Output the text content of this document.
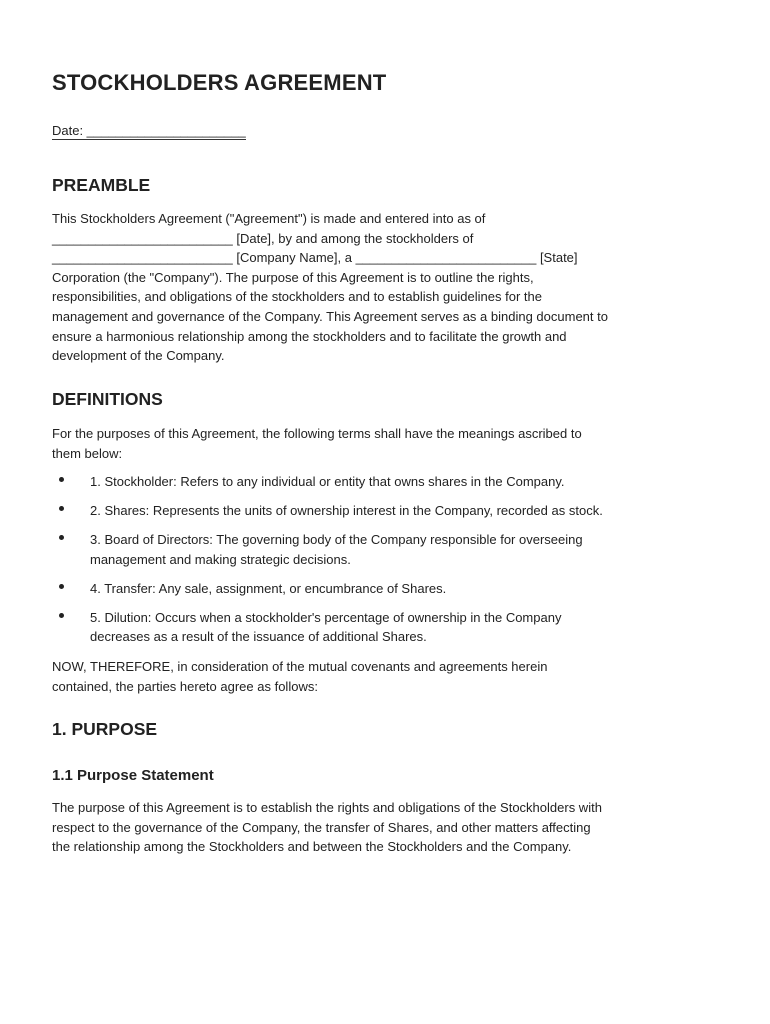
STOCKHOLDERS AGREEMENT
Date: ______________________
PREAMBLE
This Stockholders Agreement ("Agreement") is made and entered into as of
_________________________ [Date], by and among the stockholders of
_________________________ [Company Name], a _________________________ [State]
Corporation (the "Company"). The purpose of this Agreement is to outline the rights,
responsibilities, and obligations of the stockholders and to establish guidelines for the
management and governance of the Company. This Agreement serves as a binding document to
ensure a harmonious relationship among the stockholders and to facilitate the growth and
development of the Company.
DEFINITIONS
For the purposes of this Agreement, the following terms shall have the meanings ascribed to
them below:
1. Stockholder: Refers to any individual or entity that owns shares in the Company.
2. Shares: Represents the units of ownership interest in the Company, recorded as stock.
3. Board of Directors: The governing body of the Company responsible for overseeing
management and making strategic decisions.
4. Transfer: Any sale, assignment, or encumbrance of Shares.
5. Dilution: Occurs when a stockholder's percentage of ownership in the Company
decreases as a result of the issuance of additional Shares.
NOW, THEREFORE, in consideration of the mutual covenants and agreements herein
contained, the parties hereto agree as follows:
1. PURPOSE
1.1 Purpose Statement
The purpose of this Agreement is to establish the rights and obligations of the Stockholders with
respect to the governance of the Company, the transfer of Shares, and other matters affecting
the relationship among the Stockholders and between the Stockholders and the Company.
